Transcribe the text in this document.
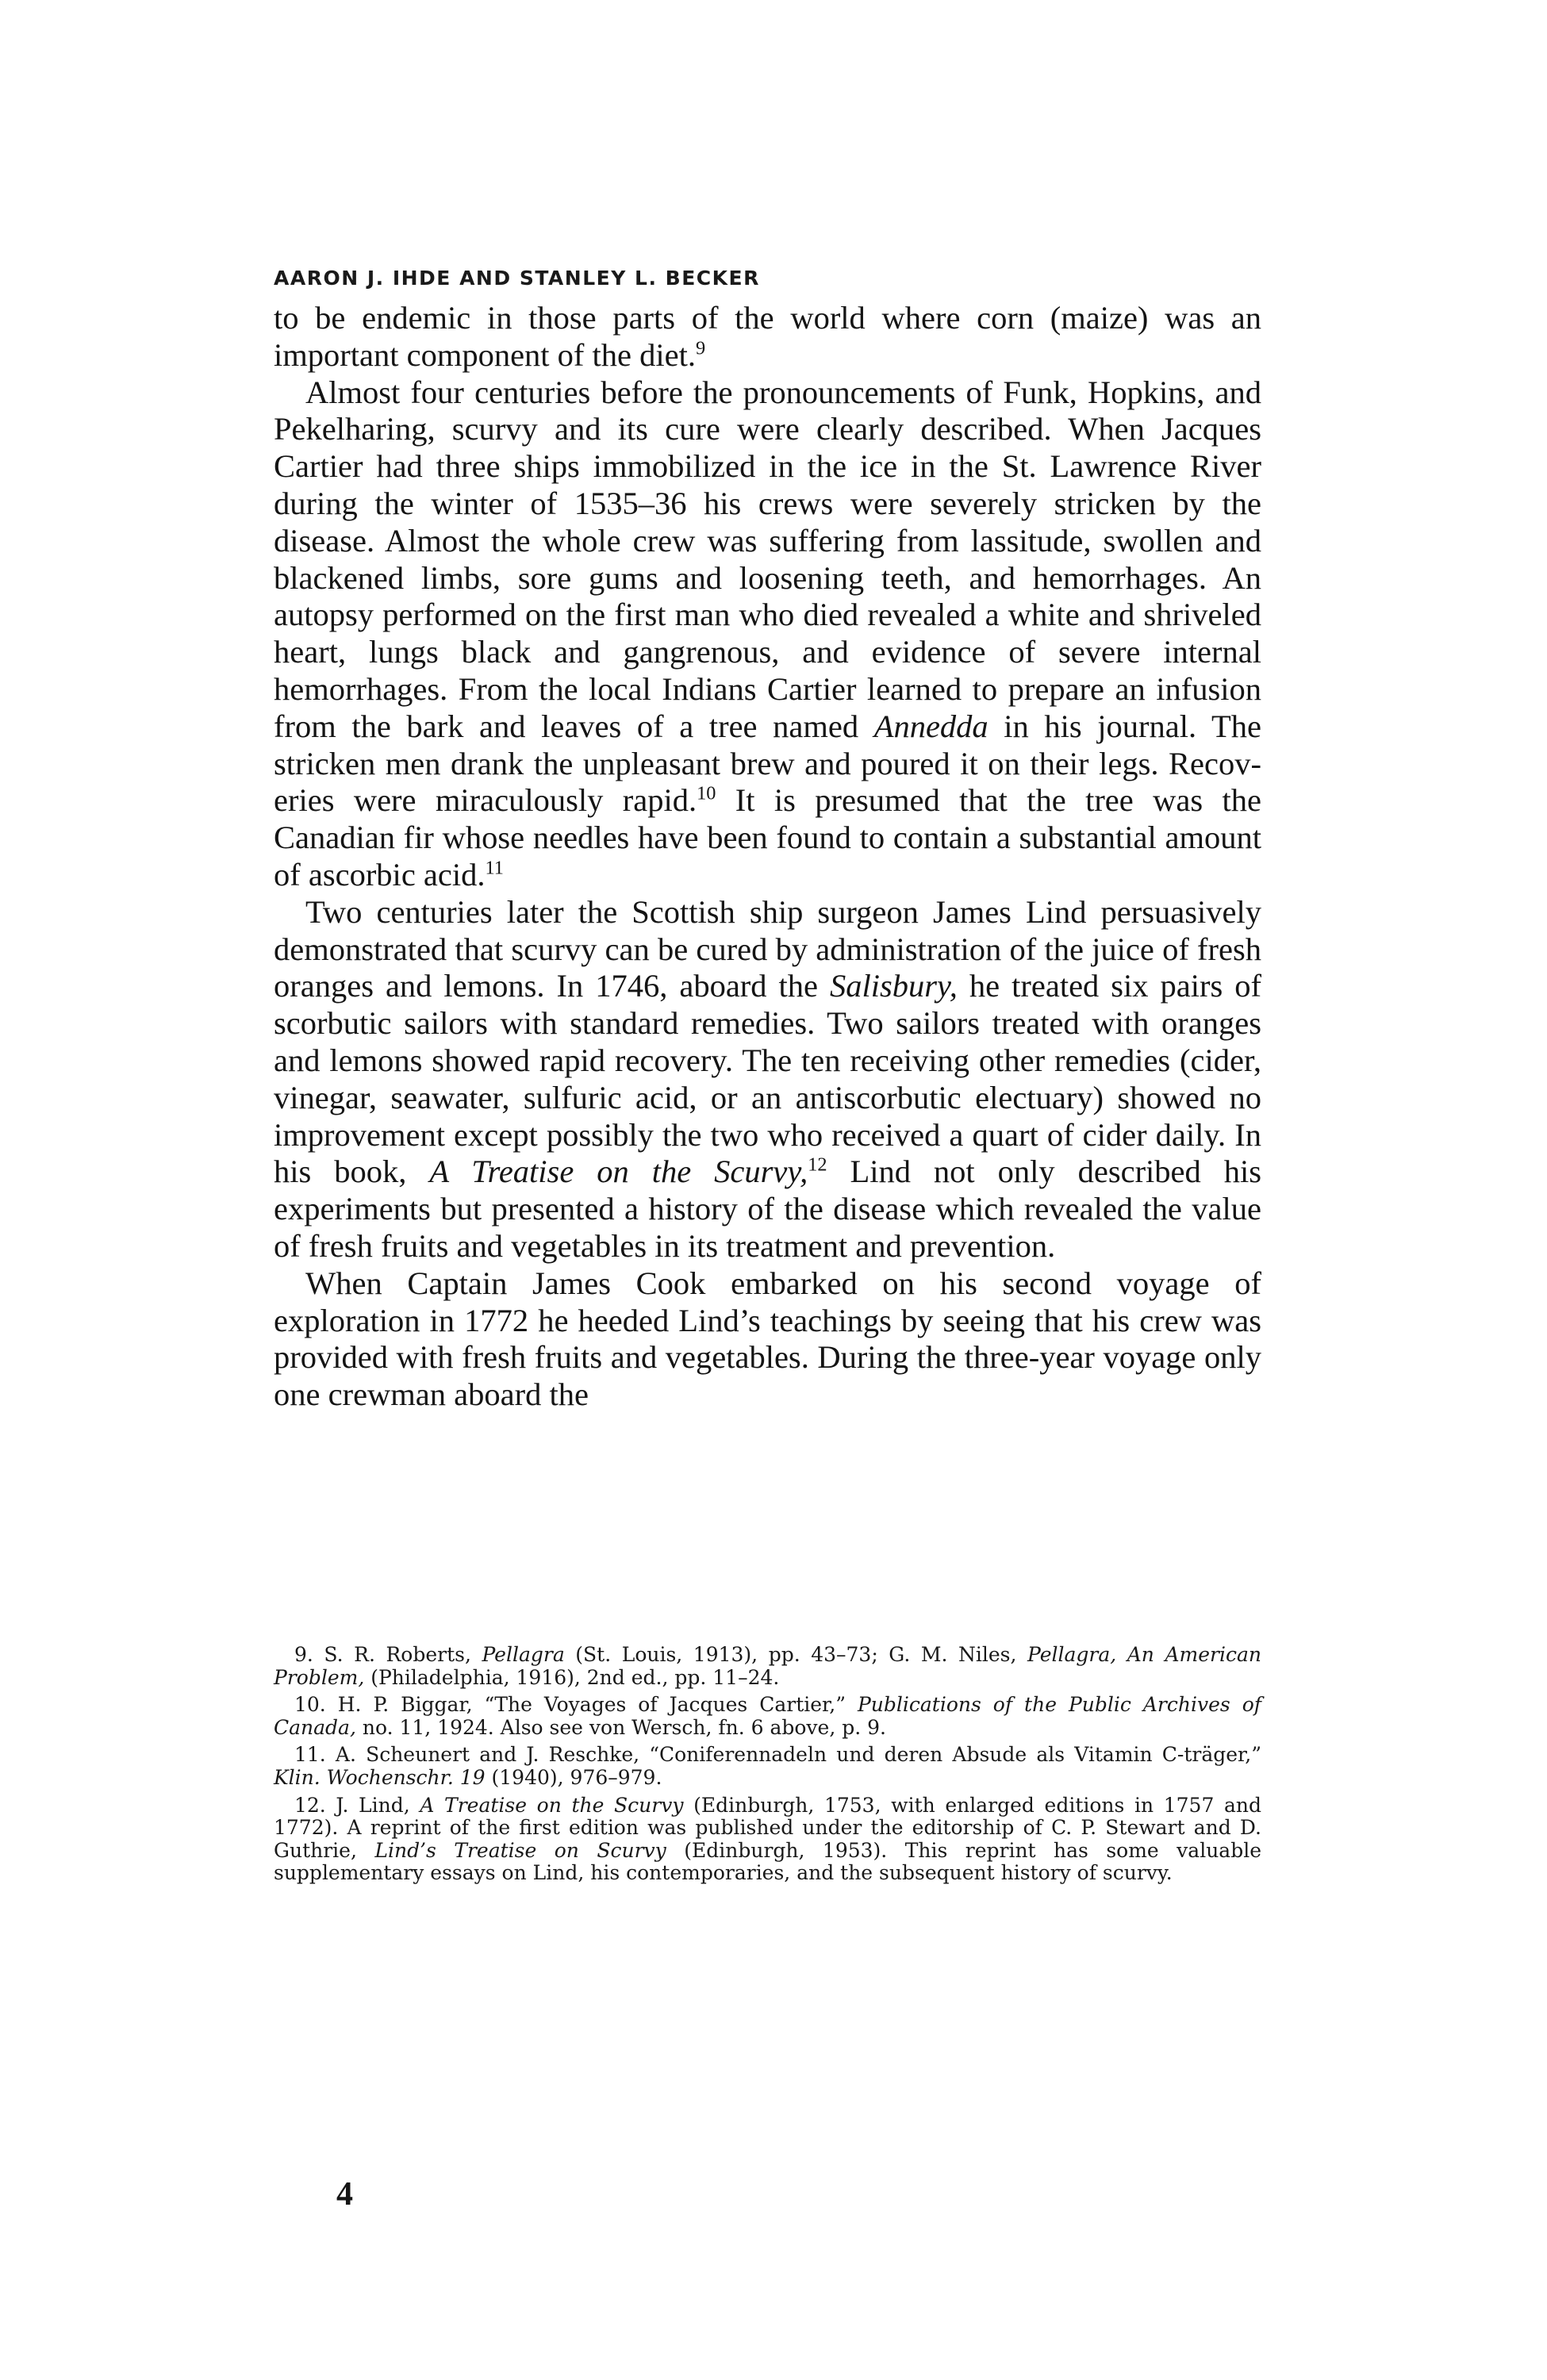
AARON J. IHDE AND STANLEY L. BECKER

to be endemic in those parts of the world where corn (maize) was an important component of the diet.$^9$

Almost four centuries before the pronouncements of Funk, Hopkins, and Pekelharing, scurvy and its cure were clearly described. When Jacques Cartier had three ships immobilized in the ice in the St. Lawrence River during the winter of 1535–36 his crews were severely stricken by the disease. Almost the whole crew was suffering from lassitude, swollen and blackened limbs, sore gums and loosening teeth, and hemorrhages. An autopsy performed on the first man who died revealed a white and shriveled heart, lungs black and gangrenous, and evidence of severe internal hemorrhages. From the local Indians Cartier learned to prepare an infusion from the bark and leaves of a tree named Annedda in his journal. The stricken men drank the unpleasant brew and poured it on their legs. Recoveries were miraculously rapid.$^{10}$ It is presumed that the tree was the Canadian fir whose needles have been found to contain a substantial amount of ascorbic acid.$^{11}$

Two centuries later the Scottish ship surgeon James Lind persuasively demonstrated that scurvy can be cured by administration of the juice of fresh oranges and lemons. In 1746, aboard the Salisbury, he treated six pairs of scorbutic sailors with standard remedies. Two sailors treated with oranges and lemons showed rapid recovery. The ten receiving other remedies (cider, vinegar, seawater, sulfuric acid, or an antiscorbutic electuary) showed no improvement except possibly the two who received a quart of cider daily. In his book, A Treatise on the Scurvy,$^{12}$ Lind not only described his experiments but presented a history of the disease which revealed the value of fresh fruits and vegetables in its treatment and prevention.

When Captain James Cook embarked on his second voyage of exploration in 1772 he heeded Lind’s teachings by seeing that his crew was provided with fresh fruits and vegetables. During the three-year voyage only one crewman aboard the

9. S. R. Roberts, Pellagra (St. Louis, 1913), pp. 43–73; G. M. Niles, Pellagra, An American Problem, (Philadelphia, 1916), 2nd ed., pp. 11–24.

10. H. P. Biggar, “The Voyages of Jacques Cartier,” Publications of the Public Archives of Canada, no. 11, 1924. Also see von Wersch, fn. 6 above, p. 9.

11. A. Scheunert and J. Reschke, “Coniferennadeln und deren Absude als Vitamin C-träger,” Klin. Wochenschr. 19 (1940), 976–979.

12. J. Lind, A Treatise on the Scurvy (Edinburgh, 1753, with enlarged editions in 1757 and 1772). A reprint of the first edition was published under the editorship of C. P. Stewart and D. Guthrie, Lind’s Treatise on Scurvy (Edinburgh, 1953). This reprint has some valuable supplementary essays on Lind, his contemporaries, and the subsequent history of scurvy.

4
